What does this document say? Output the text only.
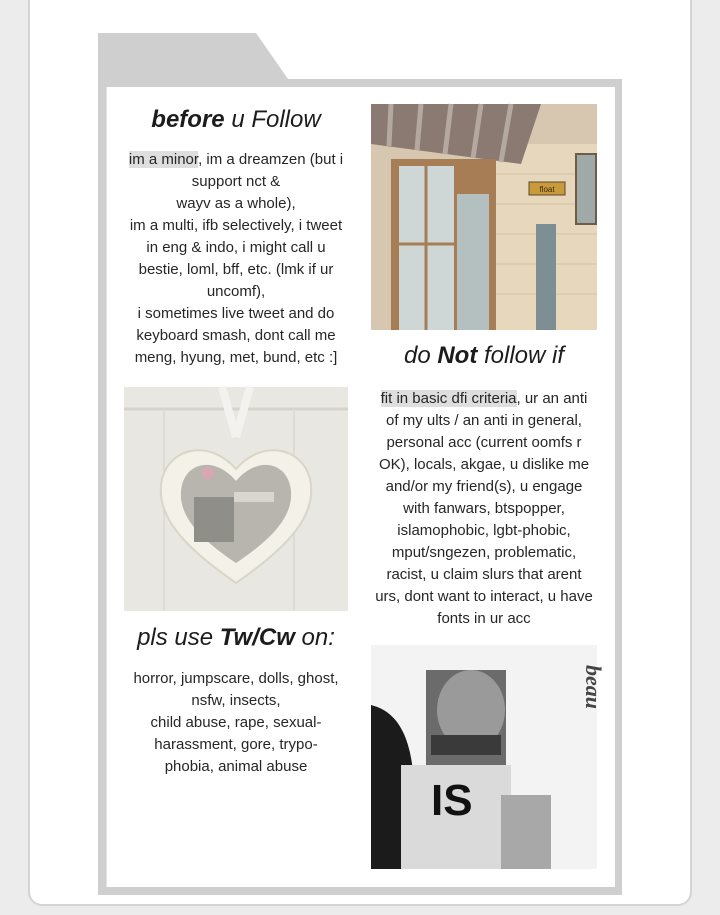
before u Follow
im a minor, im a dreamzen (but i
support nct &
wayv as a whole),
im a multi, ifb selectively, i tweet
in eng & indo, i might call u
bestie, loml, bff, etc. (lmk if ur
uncomf),
i sometimes live tweet and do
keyboard smash, dont call me
meng, hyung, met, bund, etc :]
float
do Not follow if
fit in basic dfi criteria, ur an anti
of my ults / an anti in general,
personal acc (current oomfs r
OK), locals, akgae, u dislike me
and/or my friend(s), u engage
with fanwars, btspopper,
islamophobic, lgbt-phobic,
mput/sngezen, problematic,
racist, u claim slurs that arent
urs, dont want to interact, u have
fonts in ur acc
pls use Tw/Cw on:
horror, jumpscare, dolls, ghost,
nsfw, insects,
child abuse, rape, sexual-
harassment, gore, trypo-
phobia, animal abuse
IS
beau
